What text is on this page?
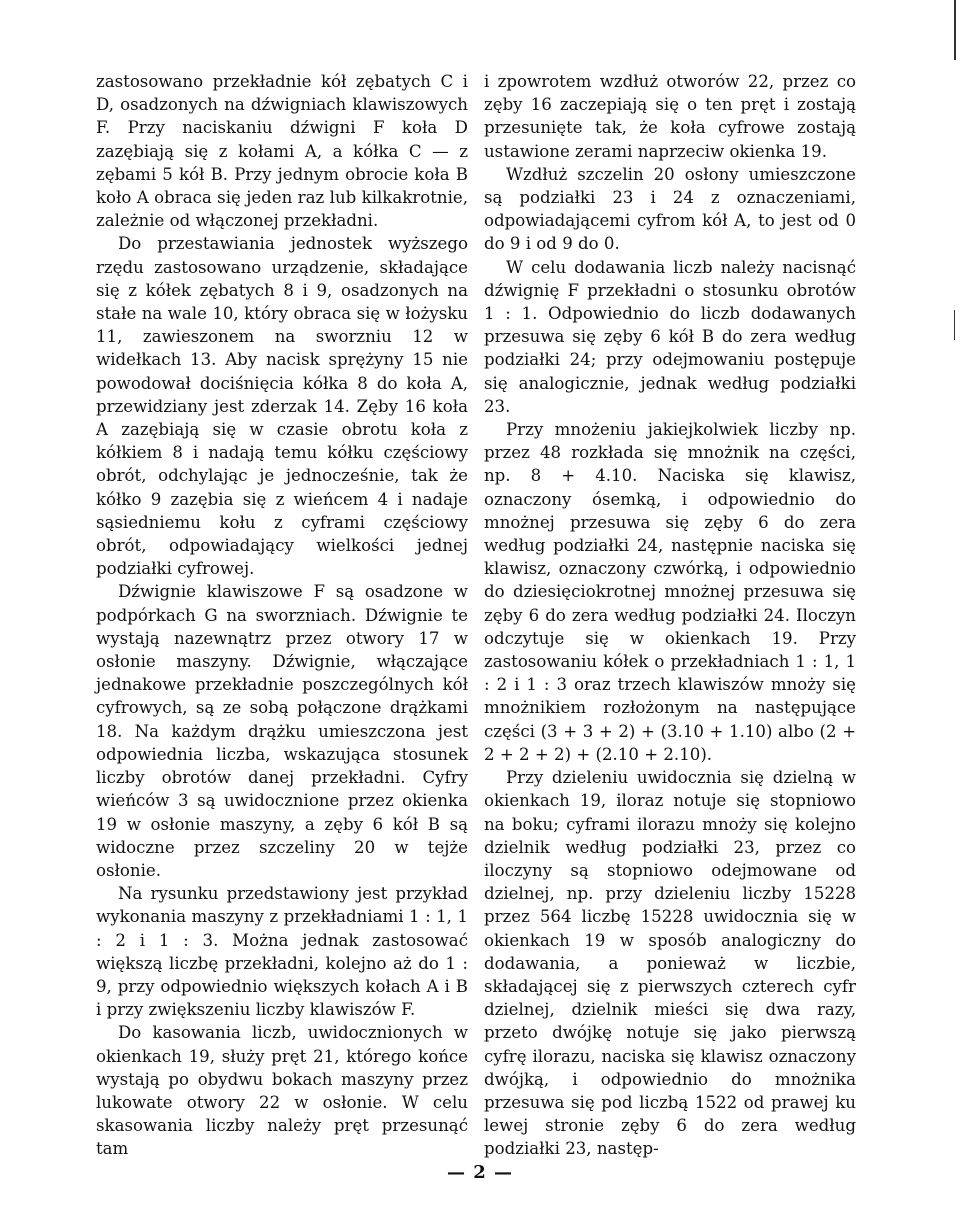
zastosowano przekładnie kół zębatych C i D, osadzonych na dźwigniach klawiszowych F. Przy naciskaniu dźwigni F koła D zazębiają się z kołami A, a kółka C — z zębami 5 kół B. Przy jednym obrocie koła B koło A obraca się jeden raz lub kilkakrotnie, zależnie od włączonej przekładni.

Do przestawiania jednostek wyższego rzędu zastosowano urządzenie, składające się z kółek zębatych 8 i 9, osadzonych na stałe na wale 10, który obraca się w łożysku 11, zawieszonem na sworzniu 12 w widełkach 13. Aby nacisk sprężyny 15 nie powodował dociśnięcia kółka 8 do koła A, przewidziany jest zderzak 14. Zęby 16 koła A zazębiają się w czasie obrotu koła z kółkiem 8 i nadają temu kółku częściowy obrót, odchylając je jednocześnie, tak że kółko 9 zazębia się z wieńcem 4 i nadaje sąsiedniemu kołu z cyframi częściowy obrót, odpowiadający wielkości jednej podziałki cyfrowej.

Dźwignie klawiszowe F są osadzone w podpórkach G na sworzniach. Dźwignie te wystają nazewnątrz przez otwory 17 w osłonie maszyny. Dźwignie, włączające jednakowe przekładnie poszczególnych kół cyfrowych, są ze sobą połączone drążkami 18. Na każdym drążku umieszczona jest odpowiednia liczba, wskazująca stosunek liczby obrotów danej przekładni. Cyfry wieńców 3 są uwidocznione przez okienka 19 w osłonie maszyny, a zęby 6 kół B są widoczne przez szczeliny 20 w tejże osłonie.

Na rysunku przedstawiony jest przykład wykonania maszyny z przekładniami 1 : 1, 1 : 2 i 1 : 3. Można jednak zastosować większą liczbę przekładni, kolejno aż do 1 : 9, przy odpowiednio większych kołach A i B i przy zwiększeniu liczby klawiszów F.

Do kasowania liczb, uwidocznionych w okienkach 19, służy pręt 21, którego końce wystają po obydwu bokach maszyny przez lukowate otwory 22 w osłonie. W celu skasowania liczby należy pręt przesunąć tam

i zpowrotem wzdłuż otworów 22, przez co zęby 16 zaczepiają się o ten pręt i zostają przesunięte tak, że koła cyfrowe zostają ustawione zerami naprzeciw okienka 19.

Wzdłuż szczelin 20 osłony umieszczone są podziałki 23 i 24 z oznaczeniami, odpowiadającemi cyfrom kół A, to jest od 0 do 9 i od 9 do 0.

W celu dodawania liczb należy nacisnąć dźwignię F przekładni o stosunku obrotów 1 : 1. Odpowiednio do liczb dodawanych przesuwa się zęby 6 kół B do zera według podziałki 24; przy odejmowaniu postępuje się analogicznie, jednak według podziałki 23.

Przy mnożeniu jakiejkolwiek liczby np. przez 48 rozkłada się mnożnik na części, np. 8 + 4.10. Naciska się klawisz, oznaczony ósemką, i odpowiednio do mnożnej przesuwa się zęby 6 do zera według podziałki 24, następnie naciska się klawisz, oznaczony czwórką, i odpowiednio do dziesięciokrotnej mnożnej przesuwa się zęby 6 do zera według podziałki 24. Iloczyn odczytuje się w okienkach 19. Przy zastosowaniu kółek o przekładniach 1 : 1, 1 : 2 i 1 : 3 oraz trzech klawiszów mnoży się mnożnikiem rozłożonym na następujące części (3 + 3 + 2) + (3.10 + 1.10) albo (2 + 2 + 2 + 2) + (2.10 + 2.10).

Przy dzieleniu uwidocznia się dzielną w okienkach 19, iloraz notuje się stopniowo na boku; cyframi ilorazu mnoży się kolejno dzielnik według podziałki 23, przez co iloczyny są stopniowo odejmowane od dzielnej, np. przy dzieleniu liczby 15228 przez 564 liczbę 15228 uwidocznia się w okienkach 19 w sposób analogiczny do dodawania, a ponieważ w liczbie, składającej się z pierwszych czterech cyfr dzielnej, dzielnik mieści się dwa razy, przeto dwójkę notuje się jako pierwszą cyfrę ilorazu, naciska się klawisz oznaczony dwójką, i odpowiednio do mnożnika przesuwa się pod liczbą 1522 od prawej ku lewej stronie zęby 6 do zera według podziałki 23, następ-

— 2 —
